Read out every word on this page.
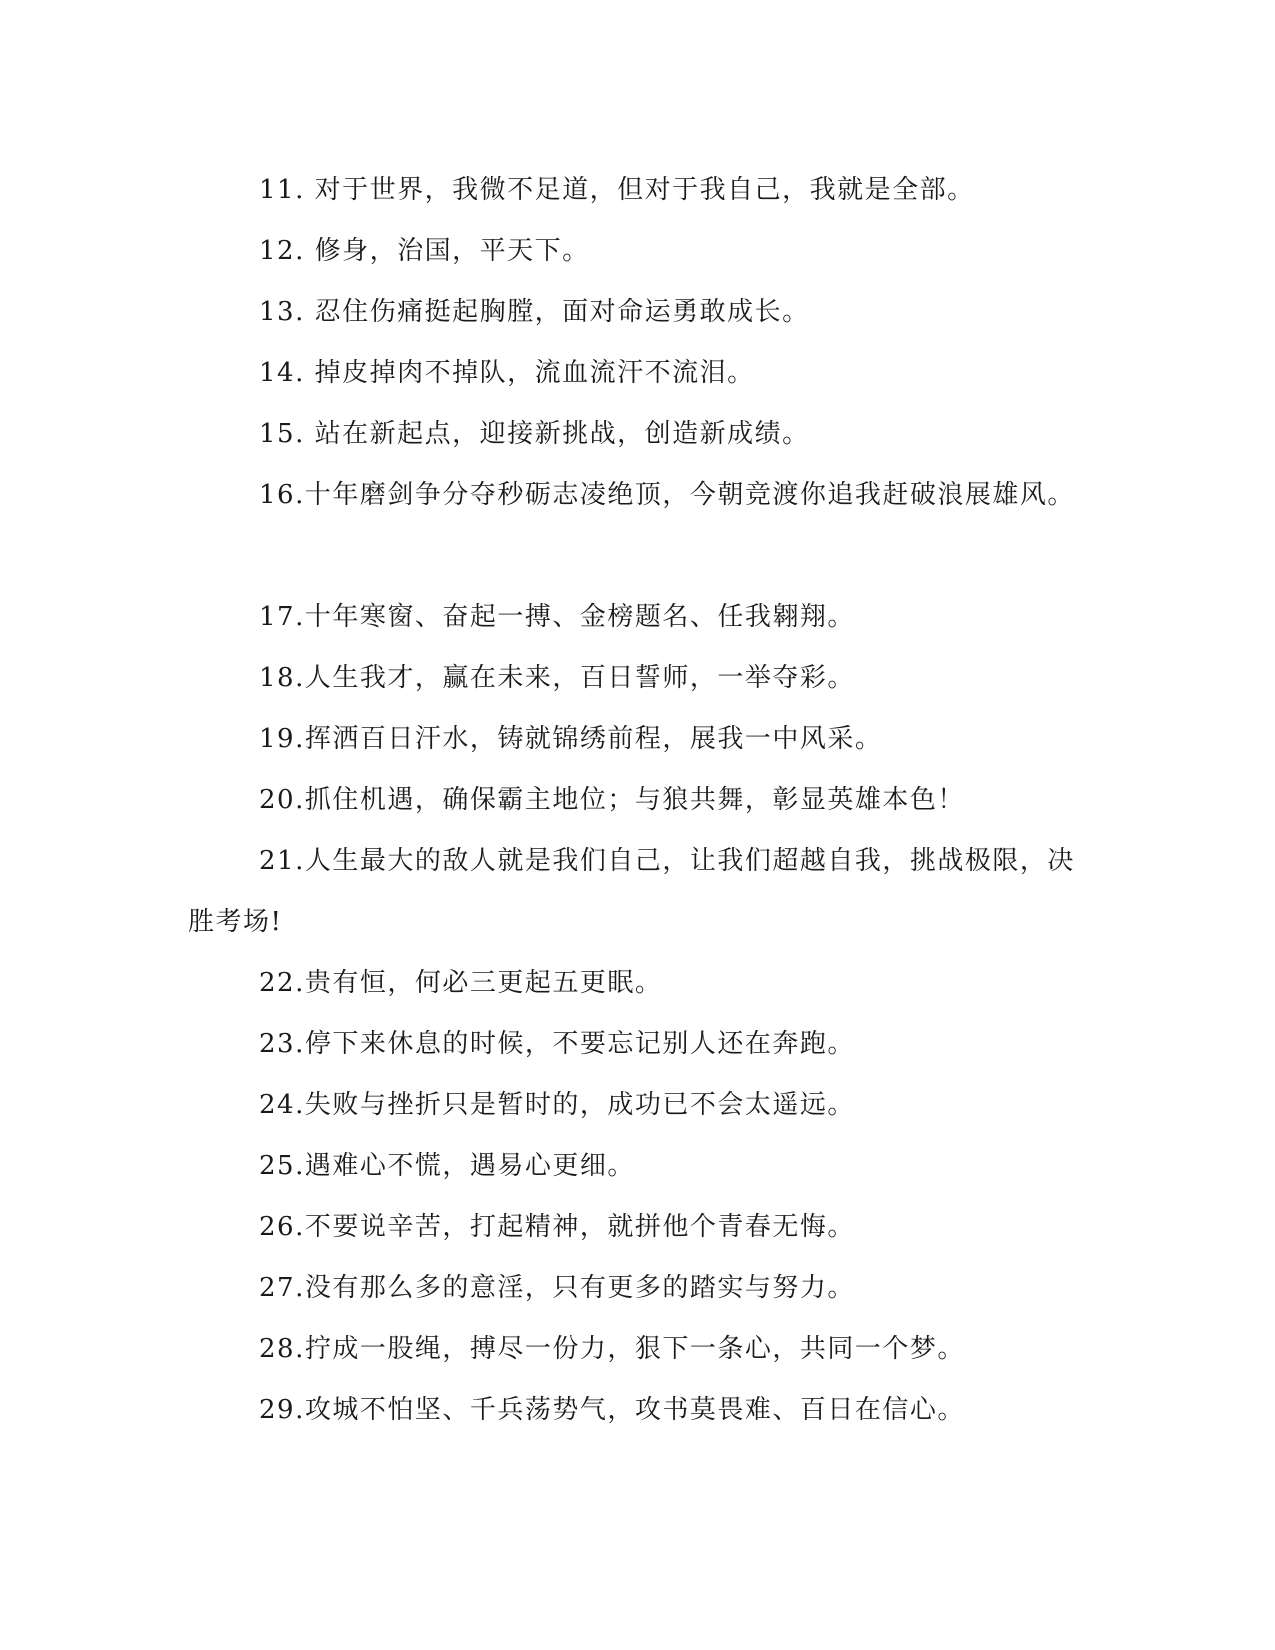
11. 对于世界，我微不足道，但对于我自己，我就是全部。

12. 修身，治国，平天下。

13. 忍住伤痛挺起胸膛，面对命运勇敢成长。

14. 掉皮掉肉不掉队，流血流汗不流泪。

15. 站在新起点，迎接新挑战，创造新成绩。

16.十年磨剑争分夺秒砺志凌绝顶，今朝竞渡你追我赶破浪展雄风。

17.十年寒窗、奋起一搏、金榜题名、任我翱翔。

18.人生我才，赢在未来，百日誓师，一举夺彩。

19.挥洒百日汗水，铸就锦绣前程，展我一中风采。

20.抓住机遇，确保霸主地位；与狼共舞，彰显英雄本色！

21.人生最大的敌人就是我们自己，让我们超越自我，挑战极限，决胜考场!

22.贵有恒，何必三更起五更眠。

23.停下来休息的时候，不要忘记别人还在奔跑。

24.失败与挫折只是暂时的，成功已不会太遥远。

25.遇难心不慌，遇易心更细。

26.不要说辛苦，打起精神，就拼他个青春无悔。

27.没有那么多的意淫，只有更多的踏实与努力。

28.拧成一股绳，搏尽一份力，狠下一条心，共同一个梦。

29.攻城不怕坚、千兵荡势气，攻书莫畏难、百日在信心。
